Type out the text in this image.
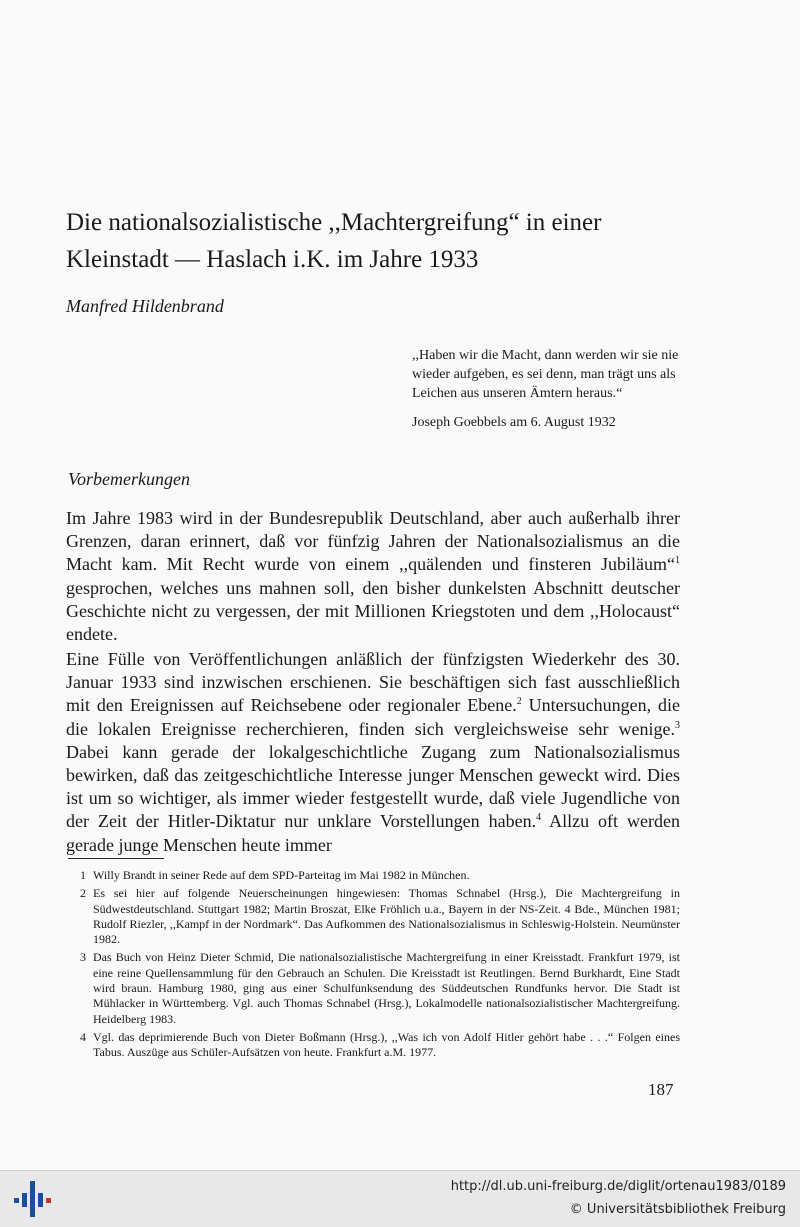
Die nationalsozialistische ,,Machtergreifung“ in einer Kleinstadt — Haslach i.K. im Jahre 1933
Manfred Hildenbrand
,,Haben wir die Macht, dann werden wir sie nie wieder aufgeben, es sei denn, man trägt uns als Leichen aus unseren Ämtern heraus.“
Joseph Goebbels am 6. August 1932
Vorbemerkungen

Im Jahre 1983 wird in der Bundesrepublik Deutschland, aber auch außerhalb ihrer Grenzen, daran erinnert, daß vor fünfzig Jahren der Nationalsozialismus an die Macht kam. Mit Recht wurde von einem ,,quälenden und finsteren Jubiläum“$^1$ gesprochen, welches uns mahnen soll, den bisher dunkelsten Abschnitt deutscher Geschichte nicht zu vergessen, der mit Millionen Kriegstoten und dem ,,Holocaust“ endete.

Eine Fülle von Veröffentlichungen anläßlich der fünfzigsten Wiederkehr des 30. Januar 1933 sind inzwischen erschienen. Sie beschäftigen sich fast ausschließlich mit den Ereignissen auf Reichsebene oder regionaler Ebene.$^2$ Untersuchungen, die die lokalen Ereignisse recherchieren, finden sich vergleichsweise sehr wenige.$^3$ Dabei kann gerade der lokalgeschichtliche Zugang zum Nationalsozialismus bewirken, daß das zeitgeschichtliche Interesse junger Menschen geweckt wird. Dies ist um so wichtiger, als immer wieder festgestellt wurde, daß viele Jugendliche von der Zeit der Hitler-Diktatur nur unklare Vorstellungen haben.$^4$ Allzu oft werden gerade junge Menschen heute immer

1 Willy Brandt in seiner Rede auf dem SPD-Parteitag im Mai 1982 in München.
2 Es sei hier auf folgende Neuerscheinungen hingewiesen: Thomas Schnabel (Hrsg.), Die Machtergreifung in Südwestdeutschland. Stuttgart 1982; Martin Broszat, Elke Fröhlich u.a., Bayern in der NS-Zeit. 4 Bde., München 1981; Rudolf Riezler, ,,Kampf in der Nordmark“. Das Aufkommen des Nationalsozialismus in Schleswig-Holstein. Neumünster 1982.
3 Das Buch von Heinz Dieter Schmid, Die nationalsozialistische Machtergreifung in einer Kreisstadt. Frankfurt 1979, ist eine reine Quellensammlung für den Gebrauch an Schulen. Die Kreisstadt ist Reutlingen. Bernd Burkhardt, Eine Stadt wird braun. Hamburg 1980, ging aus einer Schulfunksendung des Süddeutschen Rundfunks hervor. Die Stadt ist Mühlacker in Württemberg. Vgl. auch Thomas Schnabel (Hrsg.), Lokalmodelle nationalsozialistischer Machtergreifung. Heidelberg 1983.
4 Vgl. das deprimierende Buch von Dieter Boßmann (Hrsg.), ,,Was ich von Adolf Hitler gehört habe . . .“ Folgen eines Tabus. Auszüge aus Schüler-Aufsätzen von heute. Frankfurt a.M. 1977.
187
http://dl.ub.uni-freiburg.de/diglit/ortenau1983/0189
© Universitätsbibliothek Freiburg
